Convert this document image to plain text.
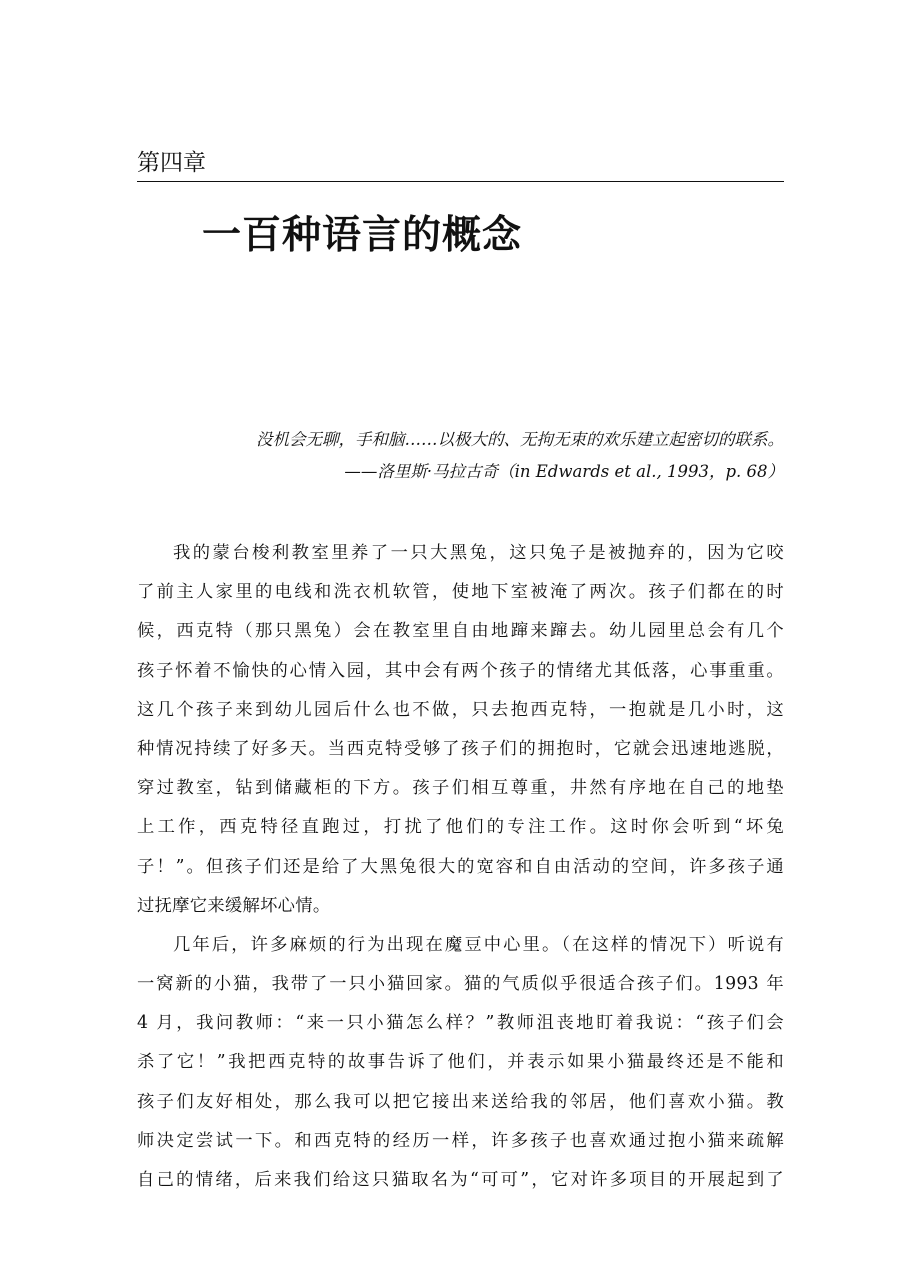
第四章
一百种语言的概念
没机会无聊，手和脑……以极大的、无拘无束的欢乐建立起密切的联系。
——洛里斯·马拉古奇（in Edwards et al., 1993，p. 68）
我的蒙台梭利教室里养了一只大黑兔，这只兔子是被抛弃的，因为它咬
了前主人家里的电线和洗衣机软管，使地下室被淹了两次。孩子们都在的时
候，西克特（那只黑兔）会在教室里自由地蹿来蹿去。幼儿园里总会有几个
孩子怀着不愉快的心情入园，其中会有两个孩子的情绪尤其低落，心事重重。
这几个孩子来到幼儿园后什么也不做，只去抱西克特，一抱就是几小时，这
种情况持续了好多天。当西克特受够了孩子们的拥抱时，它就会迅速地逃脱，
穿过教室，钻到储藏柜的下方。孩子们相互尊重，井然有序地在自己的地垫
上工作，西克特径直跑过，打扰了他们的专注工作。这时你会听到“坏兔
子！”。但孩子们还是给了大黑兔很大的宽容和自由活动的空间，许多孩子通
过抚摩它来缓解坏心情。
几年后，许多麻烦的行为出现在魔豆中心里。（在这样的情况下）听说有
一窝新的小猫，我带了一只小猫回家。猫的气质似乎很适合孩子们。1993 年
4 月，我问教师：“来一只小猫怎么样？”教师沮丧地盯着我说：“孩子们会
杀了它！”我把西克特的故事告诉了他们，并表示如果小猫最终还是不能和
孩子们友好相处，那么我可以把它接出来送给我的邻居，他们喜欢小猫。教
师决定尝试一下。和西克特的经历一样，许多孩子也喜欢通过抱小猫来疏解
自己的情绪，后来我们给这只猫取名为“可可”，它对许多项目的开展起到了
